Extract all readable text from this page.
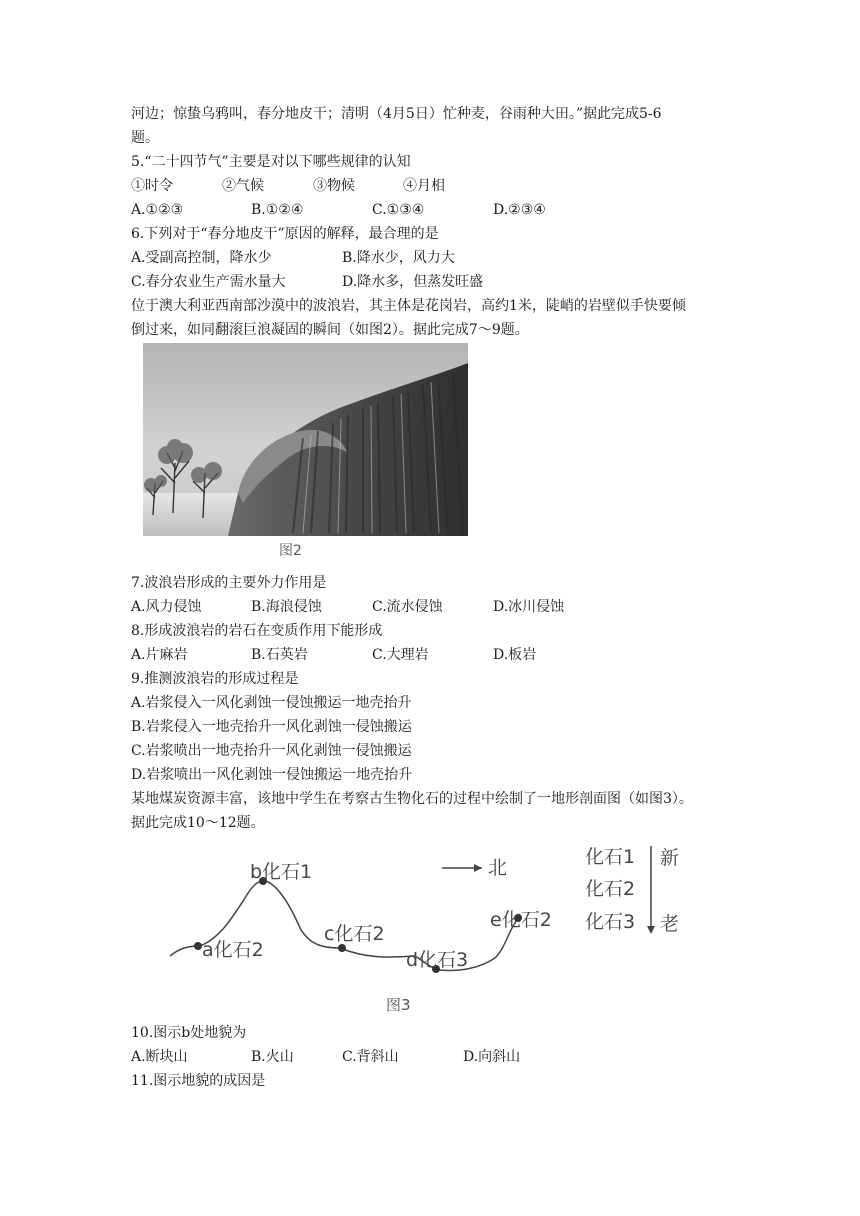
河边；惊蛰乌鸦叫，春分地皮干；清明（4月5日）忙种麦，谷雨种大田。”据此完成5-6
题。
5.“二十四节气”主要是对以下哪些规律的认知
①时令	②气候	③物候	④月相
A.①②③	B.①②④	C.①③④	D.②③④
6.下列对于“春分地皮干”原因的解释，最合理的是
A.受副高控制，降水少	B.降水少，风力大
C.春分农业生产需水量大	D.降水多，但蒸发旺盛
位于澳大利亚西南部沙漠中的波浪岩，其主体是花岗岩，高约1米，陡峭的岩壁似手快要倾
倒过来，如同翻滚巨浪凝固的瞬间（如图2）。据此完成7～9题。
图2
7.波浪岩形成的主要外力作用是
A.风力侵蚀	B.海浪侵蚀	C.流水侵蚀	D.冰川侵蚀
8.形成波浪岩的岩石在变质作用下能形成
A.片麻岩	B.石英岩	C.大理岩	D.板岩
9.推测波浪岩的形成过程是
A.岩浆侵入一风化剥蚀一侵蚀搬运一地壳抬升
B.岩浆侵入一地壳抬升一风化剥蚀一侵蚀搬运
C.岩浆喷出一地壳抬升一风化剥蚀一侵蚀搬运
D.岩浆喷出一风化剥蚀一侵蚀搬运一地壳抬升
某地煤炭资源丰富，该地中学生在考察古生物化石的过程中绘制了一地形剖面图（如图3）。
据此完成10～12题。
a化石2
b化石1
c化石2
d化石3
e化石2
北	化石1
化石2
化石3
新
老
图3
10.图示b处地貌为
A.断块山	B.火山	C.背斜山	D.向斜山
11.图示地貌的成因是
